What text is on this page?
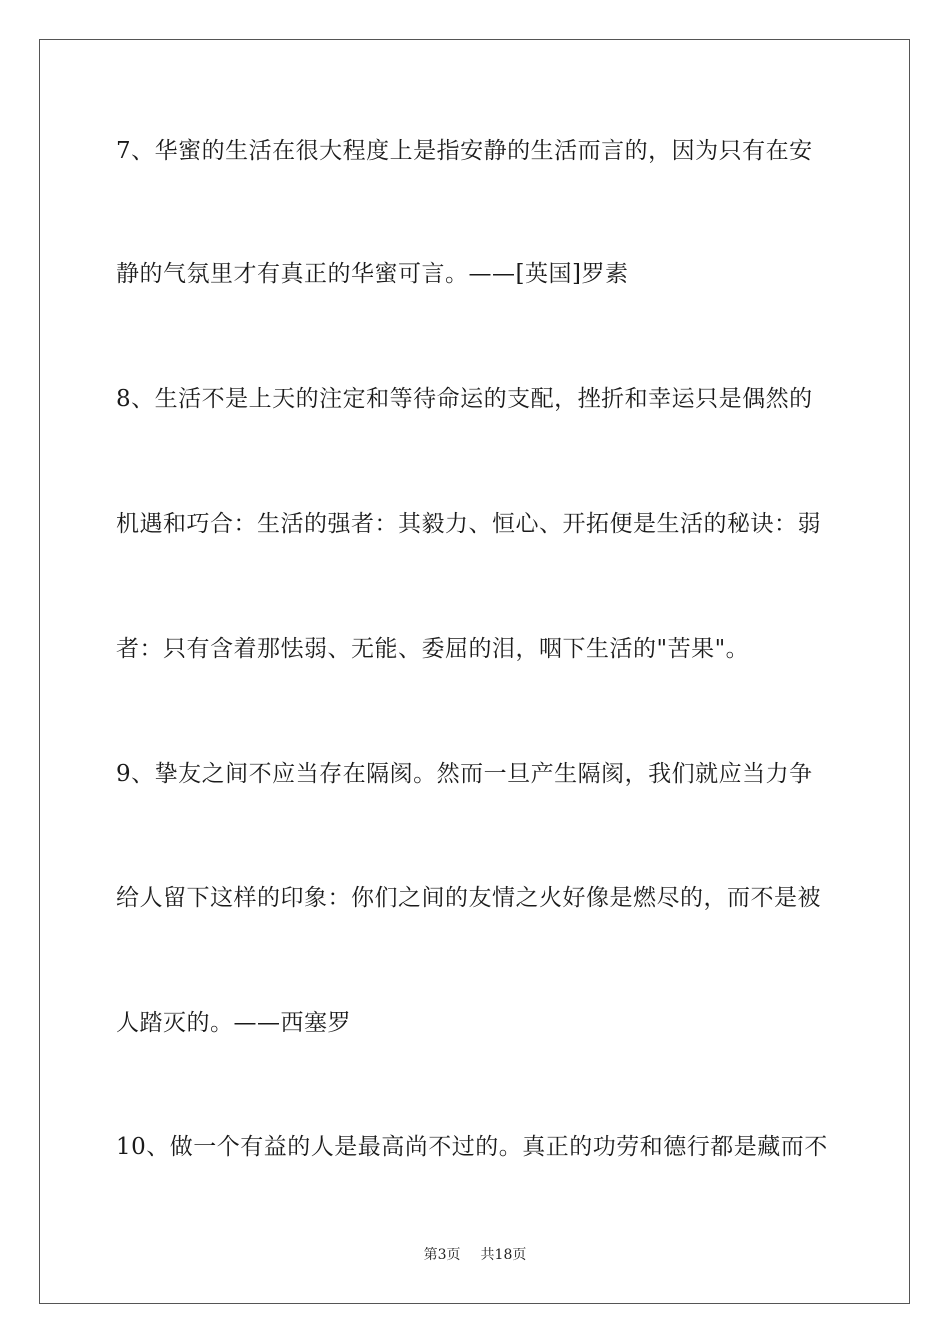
7、华蜜的生活在很大程度上是指安静的生活而言的，因为只有在安
静的气氛里才有真正的华蜜可言。——[英国]罗素
8、生活不是上天的注定和等待命运的支配，挫折和幸运只是偶然的
机遇和巧合：生活的强者：其毅力、恒心、开拓便是生活的秘诀：弱
者：只有含着那怯弱、无能、委屈的泪，咽下生活的"苦果"。
9、挚友之间不应当存在隔阂。然而一旦产生隔阂，我们就应当力争
给人留下这样的印象：你们之间的友情之火好像是燃尽的，而不是被
人踏灭的。——西塞罗
10、做一个有益的人是最高尚不过的。真正的功劳和德行都是藏而不
第3页 共18页
